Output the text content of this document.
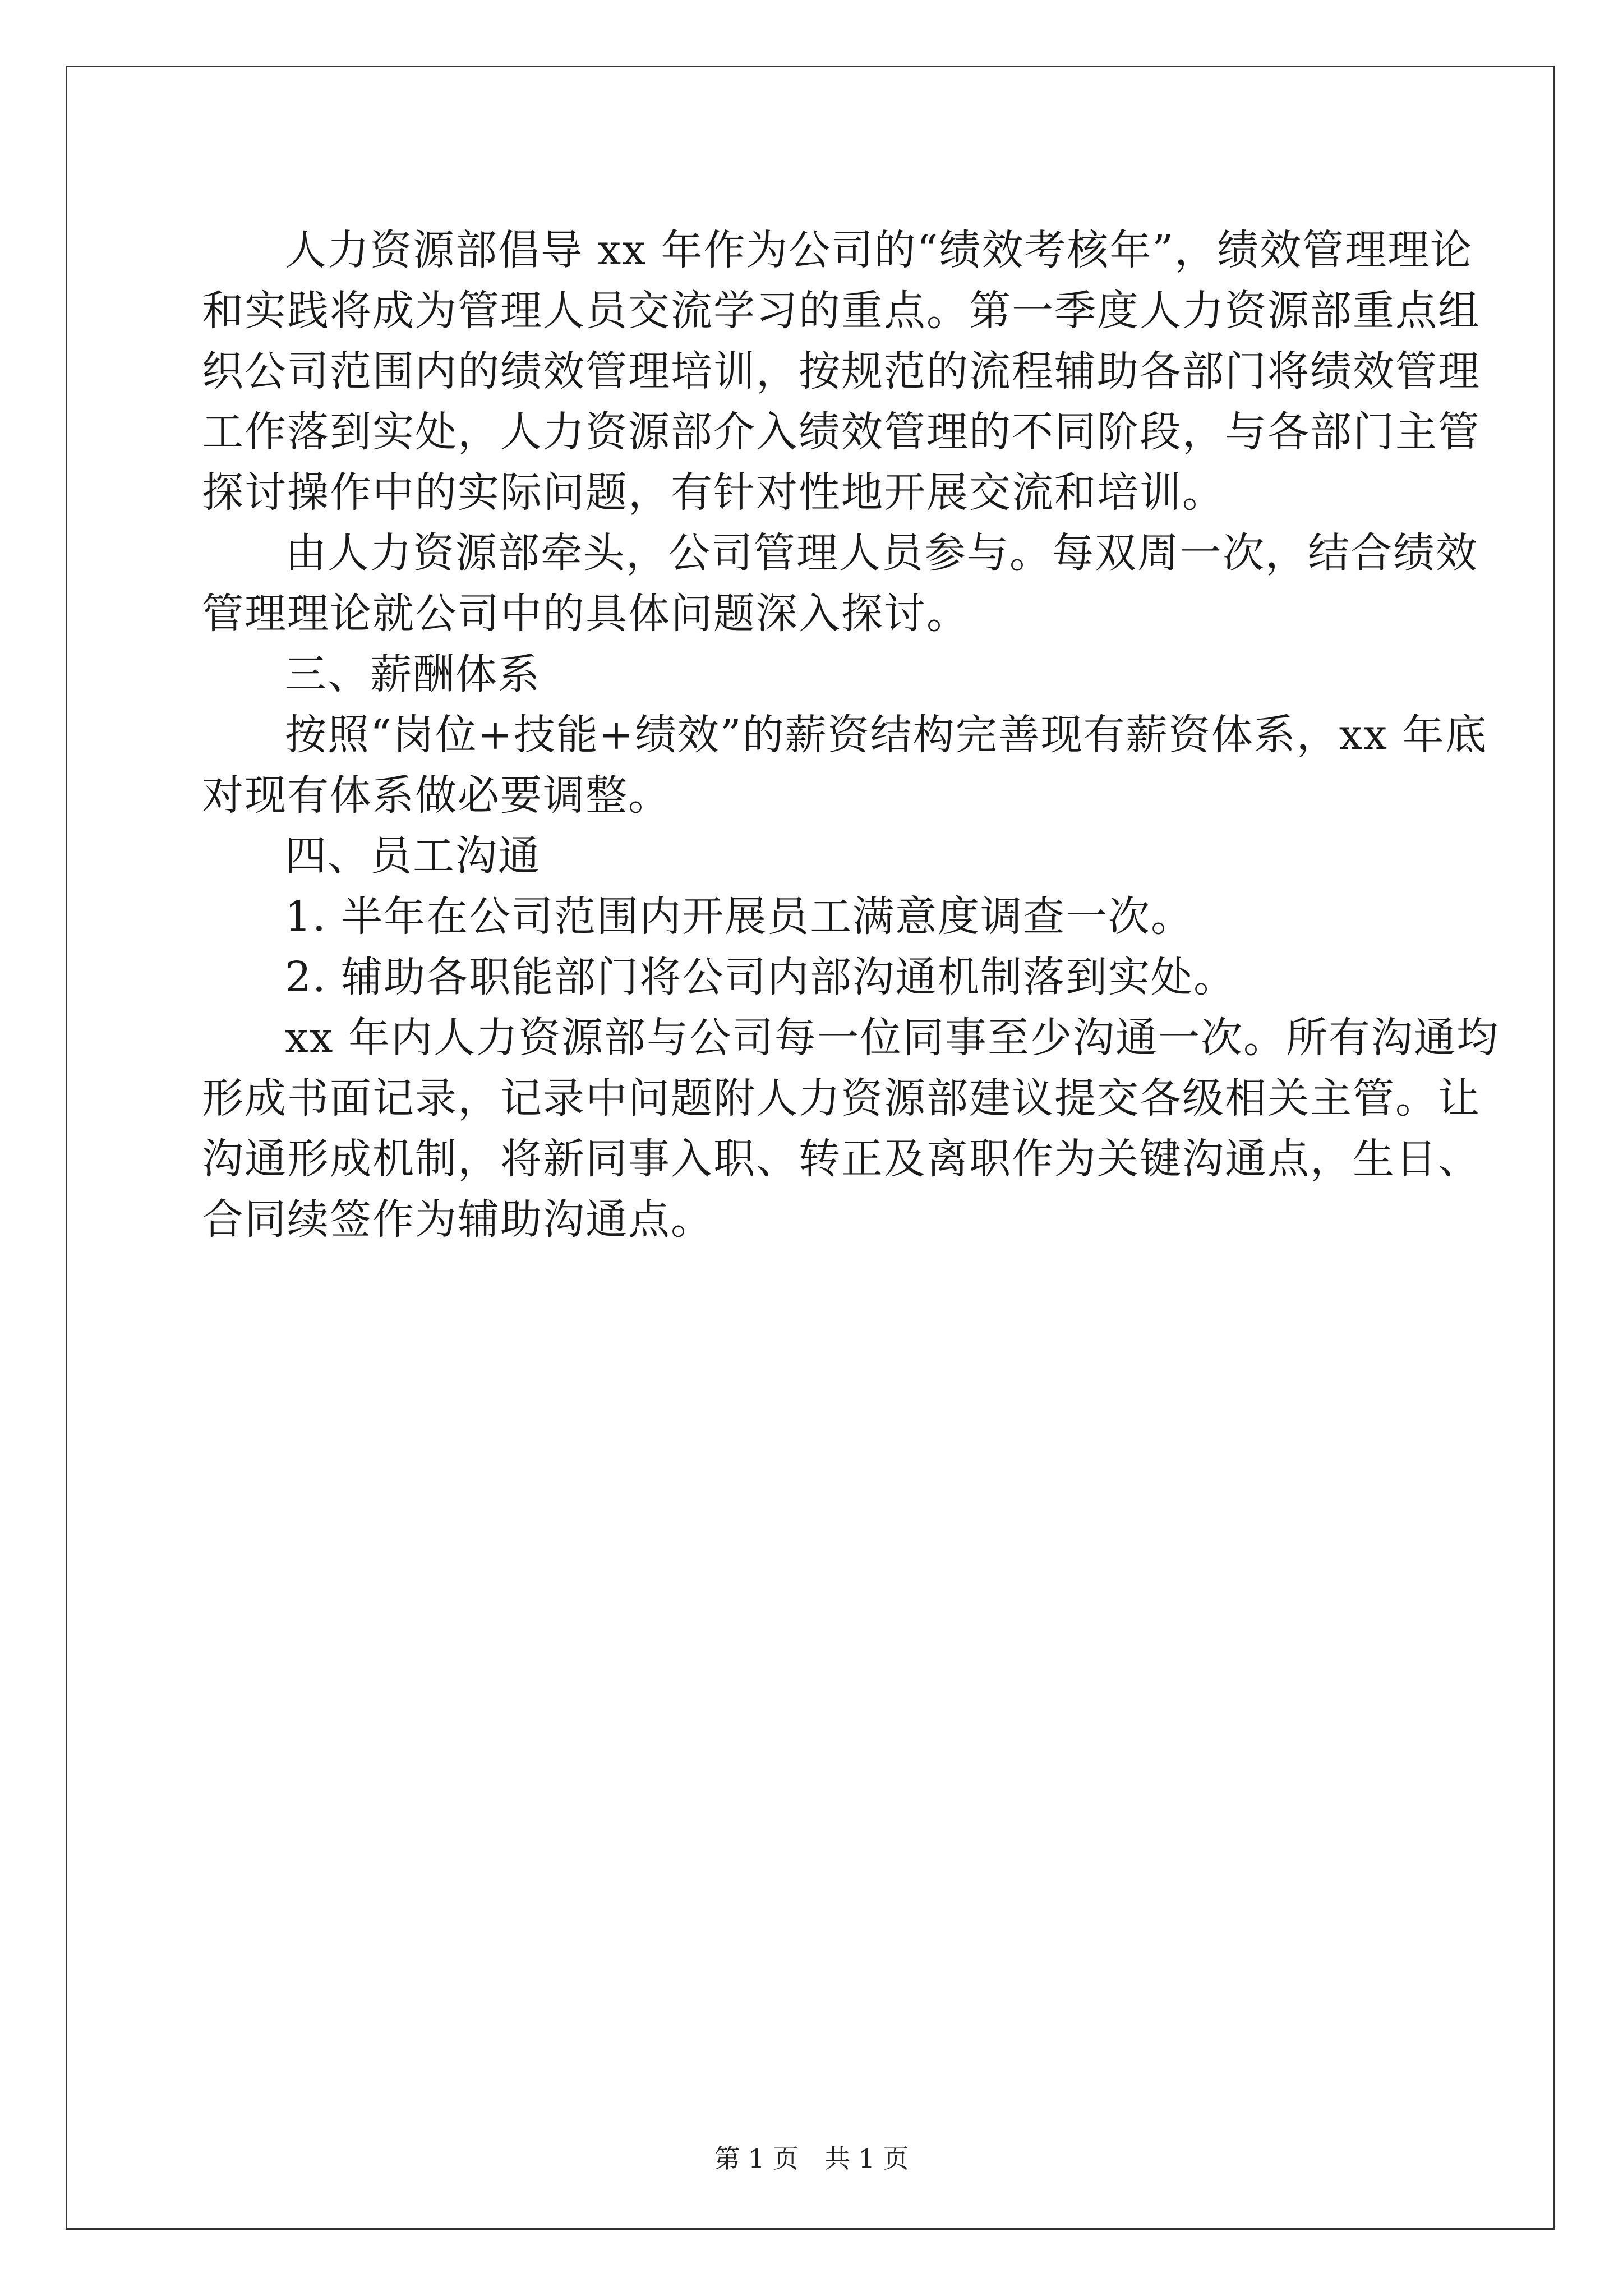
人力资源部倡导 xx 年作为公司的“绩效考核年”，绩效管理理论

和实践将成为管理人员交流学习的重点。第一季度人力资源部重点组

织公司范围内的绩效管理培训，按规范的流程辅助各部门将绩效管理

工作落到实处，人力资源部介入绩效管理的不同阶段，与各部门主管

探讨操作中的实际问题，有针对性地开展交流和培训。

由人力资源部牵头，公司管理人员参与。每双周一次，结合绩效

管理理论就公司中的具体问题深入探讨。

三、薪酬体系

按照“岗位+技能+绩效”的薪资结构完善现有薪资体系，xx 年底

对现有体系做必要调整。

四、员工沟通

1. 半年在公司范围内开展员工满意度调查一次。

2. 辅助各职能部门将公司内部沟通机制落到实处。

xx 年内人力资源部与公司每一位同事至少沟通一次。所有沟通均

形成书面记录，记录中问题附人力资源部建议提交各级相关主管。让

沟通形成机制，将新同事入职、转正及离职作为关键沟通点，生日、

合同续签作为辅助沟通点。

第 1 页　共 1 页
